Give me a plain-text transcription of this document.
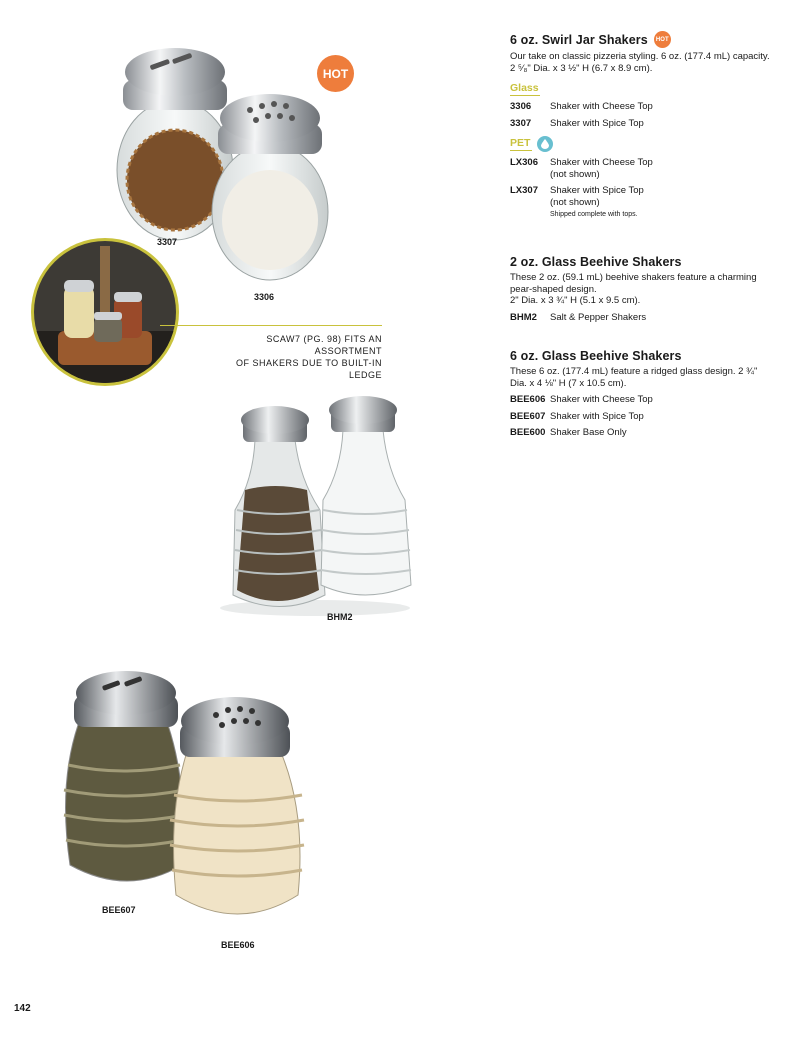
6 oz. Swirl Jar Shakers	HOT
Our take on classic pizzeria styling. 6 oz. (177.4 mL) capacity.
2 ⁵⁄₈" Dia. x 3 ½" H (6.7 x 8.9 cm).
Glass
3306	Shaker with Cheese Top
3307	Shaker with Spice Top
PET
LX306	Shaker with Cheese Top
(not shown)
LX307	Shaker with Spice Top
(not shown)
Shipped complete with tops.
2 oz. Glass Beehive Shakers
These 2 oz. (59.1 mL) beehive shakers feature a charming pear-shaped design.
2" Dia. x 3 ¾" H (5.1 x 9.5 cm).
BHM2	Salt & Pepper Shakers
6 oz. Glass Beehive Shakers
These 6 oz. (177.4 mL) feature a ridged glass design. 2 ¾" Dia. x 4 ⅛" H (7 x 10.5 cm).
BEE606 Shaker with Cheese Top
BEE607 Shaker with Spice Top
BEE600 Shaker Base Only
HOT
3307
3306
SCAW7 (PG. 98) FITS AN ASSORTMENT
OF SHAKERS DUE TO BUILT-IN LEDGE
BHM2
BEE607
BEE606
142
